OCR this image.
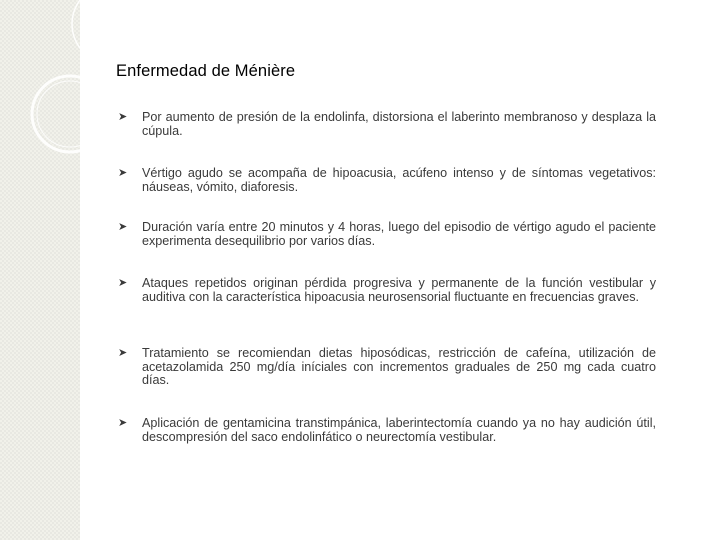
Enfermedad de Ménière
➤	Por aumento de presión de la endolinfa, distorsiona el laberinto membranoso y desplaza la cúpula.
➤	Vértigo agudo se acompaña de hipoacusia, acúfeno intenso y de síntomas vegetativos: náuseas, vómito, diaforesis.
➤	Duración varía entre 20 minutos y 4 horas, luego del episodio de vértigo agudo el paciente experimenta desequilibrio por varios días.
➤	Ataques repetidos originan pérdida progresiva y permanente de la función vestibular y auditiva con la característica hipoacusia neurosensorial fluctuante en frecuencias graves.
➤	Tratamiento se recomiendan dietas hiposódicas, restricción de cafeína, utilización de acetazolamida 250 mg/día iníciales con incrementos graduales de 250 mg cada cuatro días.
➤	Aplicación de gentamicina transtimpánica, laberintectomía cuando ya no hay audición útil, descompresión del saco endolinfático o neurectomía vestibular.
